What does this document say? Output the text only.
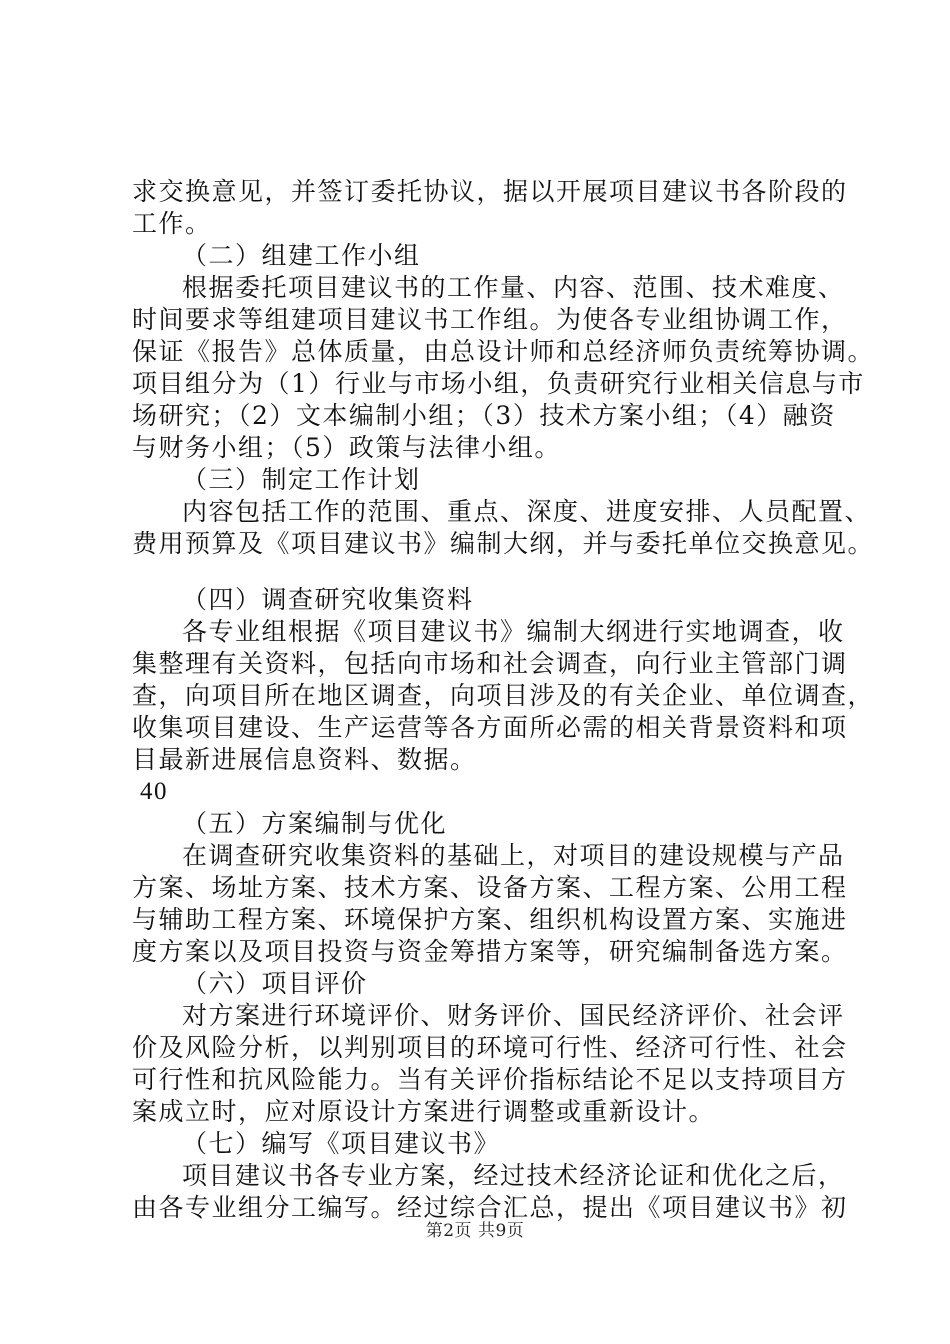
求交换意见，并签订委托协议，据以开展项目建议书各阶段的
工作。
（二）组建工作小组
根据委托项目建议书的工作量、内容、范围、技术难度、
时间要求等组建项目建议书工作组。为使各专业组协调工作，
保证《报告》总体质量，由总设计师和总经济师负责统筹协调。
项目组分为（1）行业与市场小组，负责研究行业相关信息与市
场研究；（2）文本编制小组；（3）技术方案小组；（4）融资
与财务小组；（5）政策与法律小组。
（三）制定工作计划
内容包括工作的范围、重点、深度、进度安排、人员配置、
费用预算及《项目建议书》编制大纲，并与委托单位交换意见。
（四）调查研究收集资料
各专业组根据《项目建议书》编制大纲进行实地调查，收
集整理有关资料，包括向市场和社会调查，向行业主管部门调
查，向项目所在地区调查，向项目涉及的有关企业、单位调查，
收集项目建设、生产运营等各方面所必需的相关背景资料和项
目最新进展信息资料、数据。
40
（五）方案编制与优化
在调查研究收集资料的基础上，对项目的建设规模与产品
方案、场址方案、技术方案、设备方案、工程方案、公用工程
与辅助工程方案、环境保护方案、组织机构设置方案、实施进
度方案以及项目投资与资金筹措方案等，研究编制备选方案。
（六）项目评价
对方案进行环境评价、财务评价、国民经济评价、社会评
价及风险分析，以判别项目的环境可行性、经济可行性、社会
可行性和抗风险能力。当有关评价指标结论不足以支持项目方
案成立时，应对原设计方案进行调整或重新设计。
（七）编写《项目建议书》
项目建议书各专业方案，经过技术经济论证和优化之后，
由各专业组分工编写。经过综合汇总，提出《项目建议书》初
第2页 共9页
